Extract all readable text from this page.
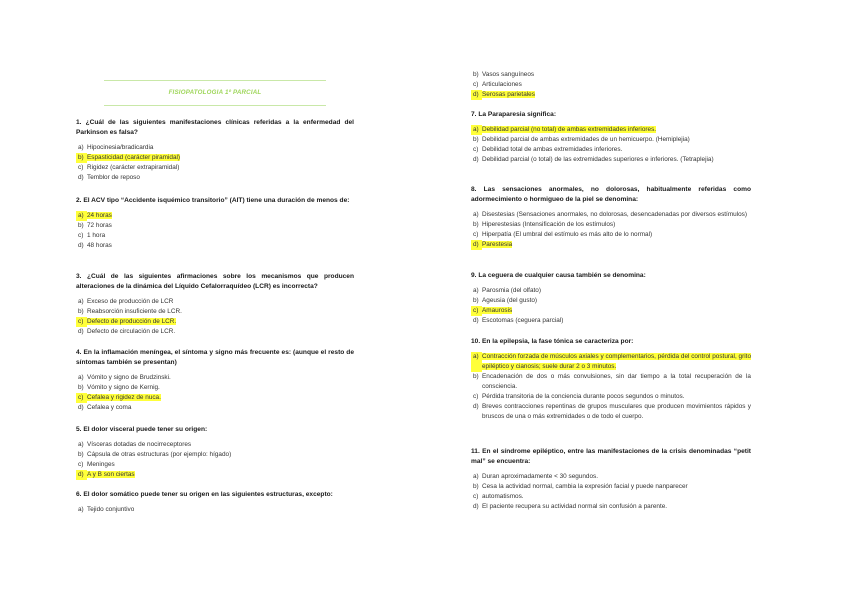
FISIOPATOLOGIA 1º PARCIAL
1. ¿Cuál de las siguientes manifestaciones clínicas referidas a la enfermedad del Parkinson es falsa?
a) Hipocinesia/bradicardia
b) Espasticidad (carácter piramidal)
c) Rigidez (carácter extrapiramidal)
d) Temblor de reposo
2. El ACV tipo “Accidente isquémico transitorio” (AIT) tiene una duración de menos de:
a) 24 horas
b) 72 horas
c) 1 hora
d) 48 horas
3. ¿Cuál de las siguientes afirmaciones sobre los mecanismos que producen alteraciones de la dinámica del Líquido Cefalorraquídeo (LCR) es incorrecta?
a) Exceso de producción de LCR
b) Reabsorción insuficiente de LCR.
c) Defecto de producción de LCR.
d) Defecto de circulación de LCR.
4. En la inflamación meníngea, el síntoma y signo más frecuente es: (aunque el resto de síntomas también se presentan)
a) Vómito y signo de Brudzinski.
b) Vómito y signo de Kernig.
c) Cefalea y rigidez de nuca.
d) Cefalea y coma
5. El dolor visceral puede tener su origen:
a) Vísceras dotadas de nocirreceptores
b) Cápsula de otras estructuras (por ejemplo: hígado)
c) Meninges
d) A y B son ciertas
6. El dolor somático puede tener su origen en las siguientes estructuras, excepto:
a) Tejido conjuntivo
b) Vasos sanguíneos
c) Articulaciones
d) Serosas parietales
7. La Paraparesia significa:
a) Debilidad parcial (no total) de ambas extremidades inferiores.
b) Debilidad parcial de ambas extremidades de un hemicuerpo. (Hemiplejia)
c) Debilidad total de ambas extremidades inferiores.
d) Debilidad parcial (o total) de las extremidades superiores e inferiores. (Tetraplejia)
8. Las sensaciones anormales, no dolorosas, habitualmente referidas como adormecimiento o hormigueo de la piel se denomina:
a) Disestesias (Sensaciones anormales, no dolorosas, desencadenadas por diversos estímulos)
b) Hiperestesias (Intensificación de los estímulos)
c) Hiperpatía (El umbral del estímulo es más alto de lo normal)
d) Parestesia
9. La ceguera de cualquier causa también se denomina:
a) Parosmia (del olfato)
b) Ageusia (del gusto)
c) Amaurosis
d) Escotomas (ceguera parcial)
10. En la epilepsia, la fase tónica se caracteriza por:
a) Contracción forzada de músculos axiales y complementarios, pérdida del control postural, grito epiléptico y cianosis; suele durar 2 o 3 minutos.
b) Encadenación de dos o más convulsiones, sin dar tiempo a la total recuperación de la consciencia.
c) Pérdida transitoria de la conciencia durante pocos segundos o minutos.
d) Breves contracciones repentinas de grupos musculares que producen movimientos rápidos y bruscos de una o más extremidades o de todo el cuerpo.
11. En el síndrome epiléptico, entre las manifestaciones de la crisis denominadas “petit mal” se encuentra:
a) Duran aproximadamente < 30 segundos.
b) Cesa la actividad normal, cambia la expresión facial y puede nanparecer
c) automatismos.
d) El paciente recupera su actividad normal sin confusión a parente.
